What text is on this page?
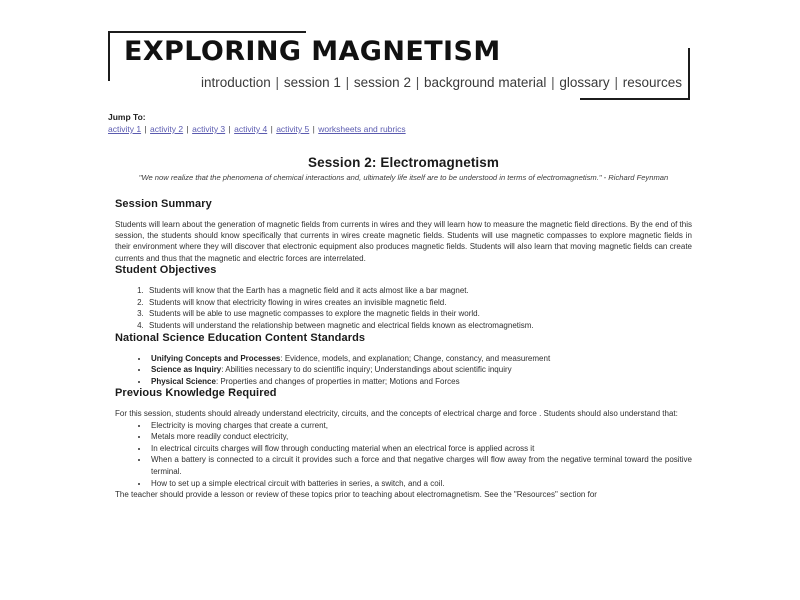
EXPLORING MAGNETISM
introduction | session 1 | session 2 | background material | glossary | resources
Jump To:
activity 1 | activity 2 | activity 3 | activity 4 | activity 5 | worksheets and rubrics
Session 2: Electromagnetism
"We now realize that the phenomena of chemical interactions and, ultimately life itself are to be understood in terms of electromagnetism." - Richard Feynman
Session Summary

Students will learn about the generation of magnetic fields from currents in wires and they will learn how to measure the magnetic field directions. By the end of this session, the students should know specifically that currents in wires create magnetic fields. Students will use magnetic compasses to explore magnetic fields in their environment where they will discover that electronic equipment also produces magnetic fields. Students will also learn that moving magnetic fields can create currents and thus that the magnetic and electric forces are interrelated.

Student Objectives
1. Students will know that the Earth has a magnetic field and it acts almost like a bar magnet.
2. Students will know that electricity flowing in wires creates an invisible magnetic field.
3. Students will be able to use magnetic compasses to explore the magnetic fields in their world.
4. Students will understand the relationship between magnetic and electrical fields known as electromagnetism.
National Science Education Content Standards
• Unifying Concepts and Processes: Evidence, models, and explanation; Change, constancy, and measurement
• Science as Inquiry: Abilities necessary to do scientific inquiry; Understandings about scientific inquiry
• Physical Science: Properties and changes of properties in matter; Motions and Forces
Previous Knowledge Required

For this session, students should already understand electricity, circuits, and the concepts of electrical charge and force . Students should also understand that:

• Electricity is moving charges that create a current,
• Metals more readily conduct electricity,
• In electrical circuits charges will flow through conducting material when an electrical force is applied across it
• When a battery is connected to a circuit it provides such a force and that negative charges will flow away from the negative terminal toward the positive terminal.
• How to set up a simple electrical circuit with batteries in series, a switch, and a coil.

The teacher should provide a lesson or review of these topics prior to teaching about electromagnetism. See the "Resources" section for
